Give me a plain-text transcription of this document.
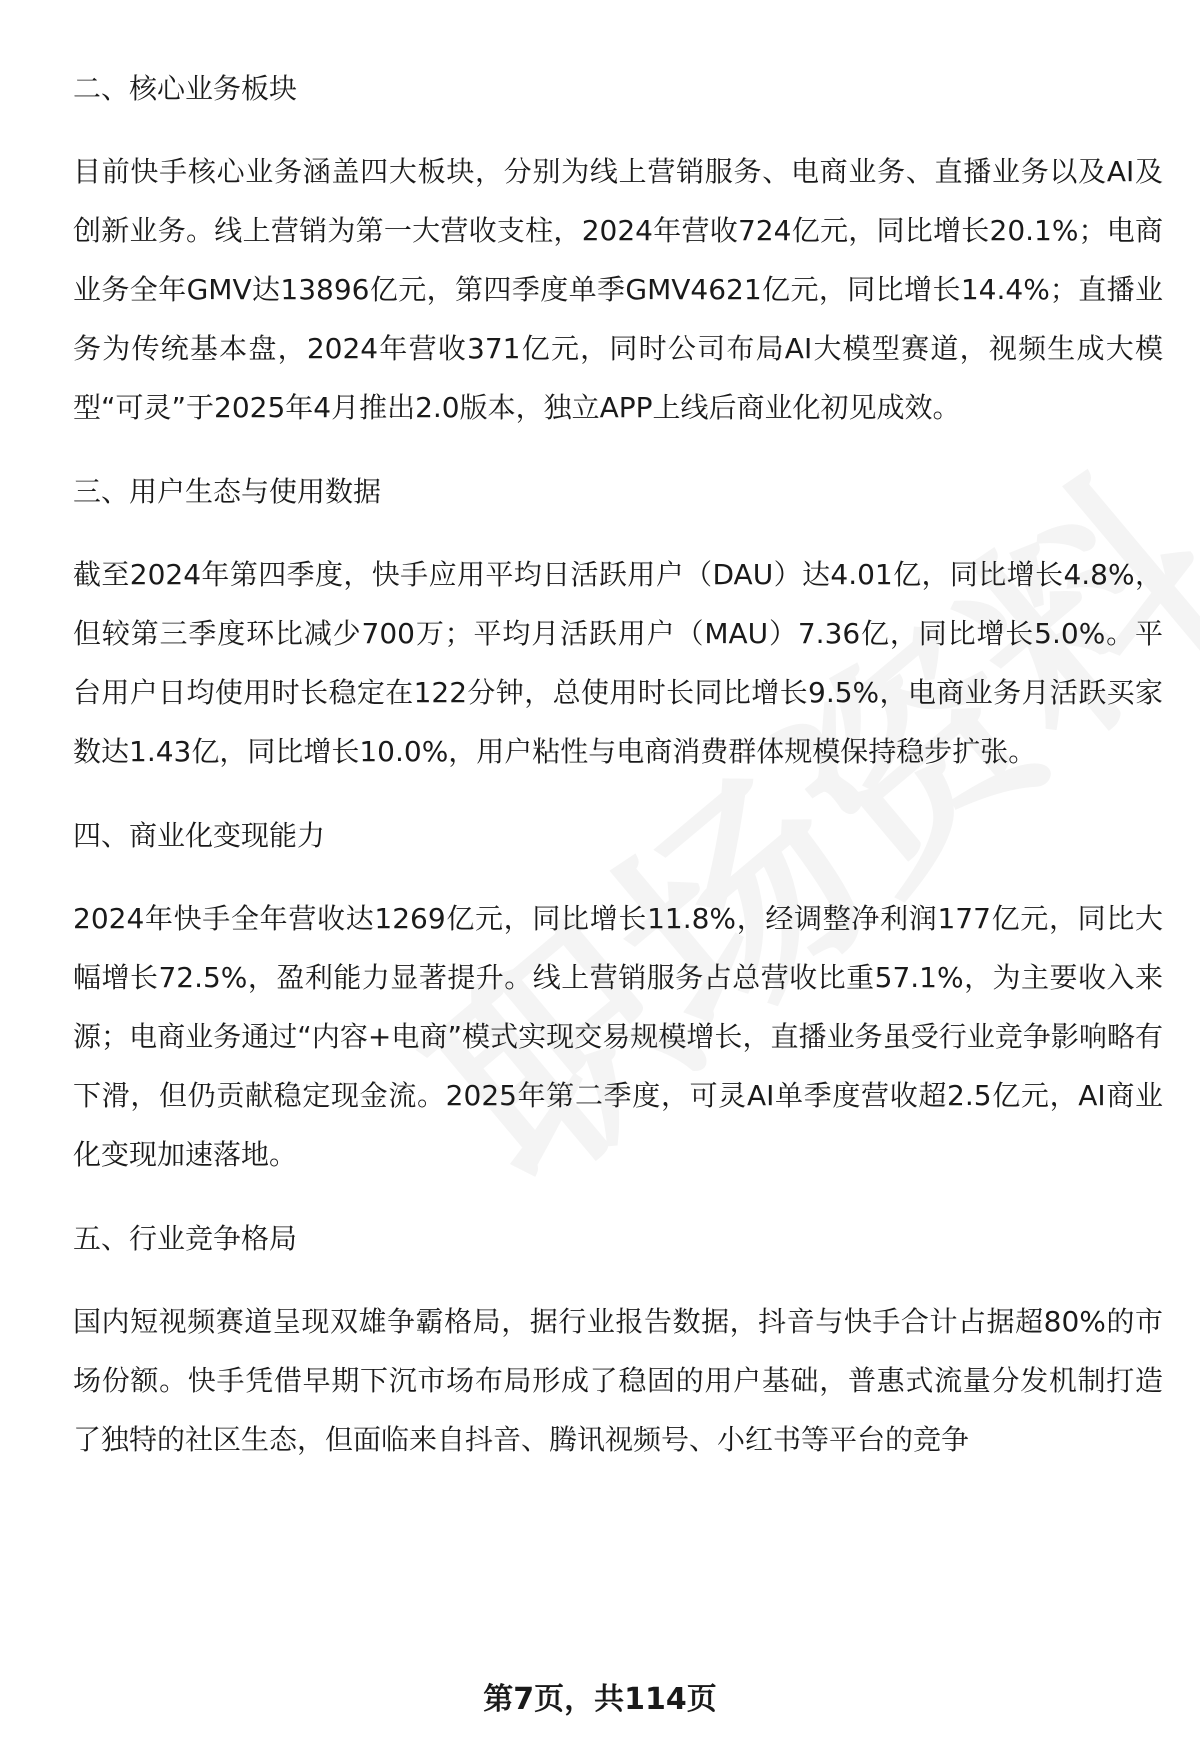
二、核心业务板块

目前快手核心业务涵盖四大板块，分别为线上营销服务、电商业务、直播业务以及AI及创新业务。线上营销为第一大营收支柱，2024年营收724亿元，同比增长20.1%；电商业务全年GMV达13896亿元，第四季度单季GMV4621亿元，同比增长14.4%；直播业务为传统基本盘，2024年营收371亿元，同时公司布局AI大模型赛道，视频生成大模型“可灵”于2025年4月推出2.0版本，独立APP上线后商业化初见成效。

三、用户生态与使用数据

截至2024年第四季度，快手应用平均日活跃用户（DAU）达4.01亿，同比增长4.8%，但较第三季度环比减少700万；平均月活跃用户（MAU）7.36亿，同比增长5.0%。平台用户日均使用时长稳定在122分钟，总使用时长同比增长9.5%，电商业务月活跃买家数达1.43亿，同比增长10.0%，用户粘性与电商消费群体规模保持稳步扩张。

四、商业化变现能力

2024年快手全年营收达1269亿元，同比增长11.8%，经调整净利润177亿元，同比大幅增长72.5%，盈利能力显著提升。线上营销服务占总营收比重57.1%，为主要收入来源；电商业务通过“内容+电商”模式实现交易规模增长，直播业务虽受行业竞争影响略有下滑，但仍贡献稳定现金流。2025年第二季度，可灵AI单季度营收超2.5亿元，AI商业化变现加速落地。

五、行业竞争格局

国内短视频赛道呈现双雄争霸格局，据行业报告数据，抖音与快手合计占据超80%的市场份额。快手凭借早期下沉市场布局形成了稳固的用户基础，普惠式流量分发机制打造了独特的社区生态，但面临来自抖音、腾讯视频号、小红书等平台的竞争

第7页，共114页
